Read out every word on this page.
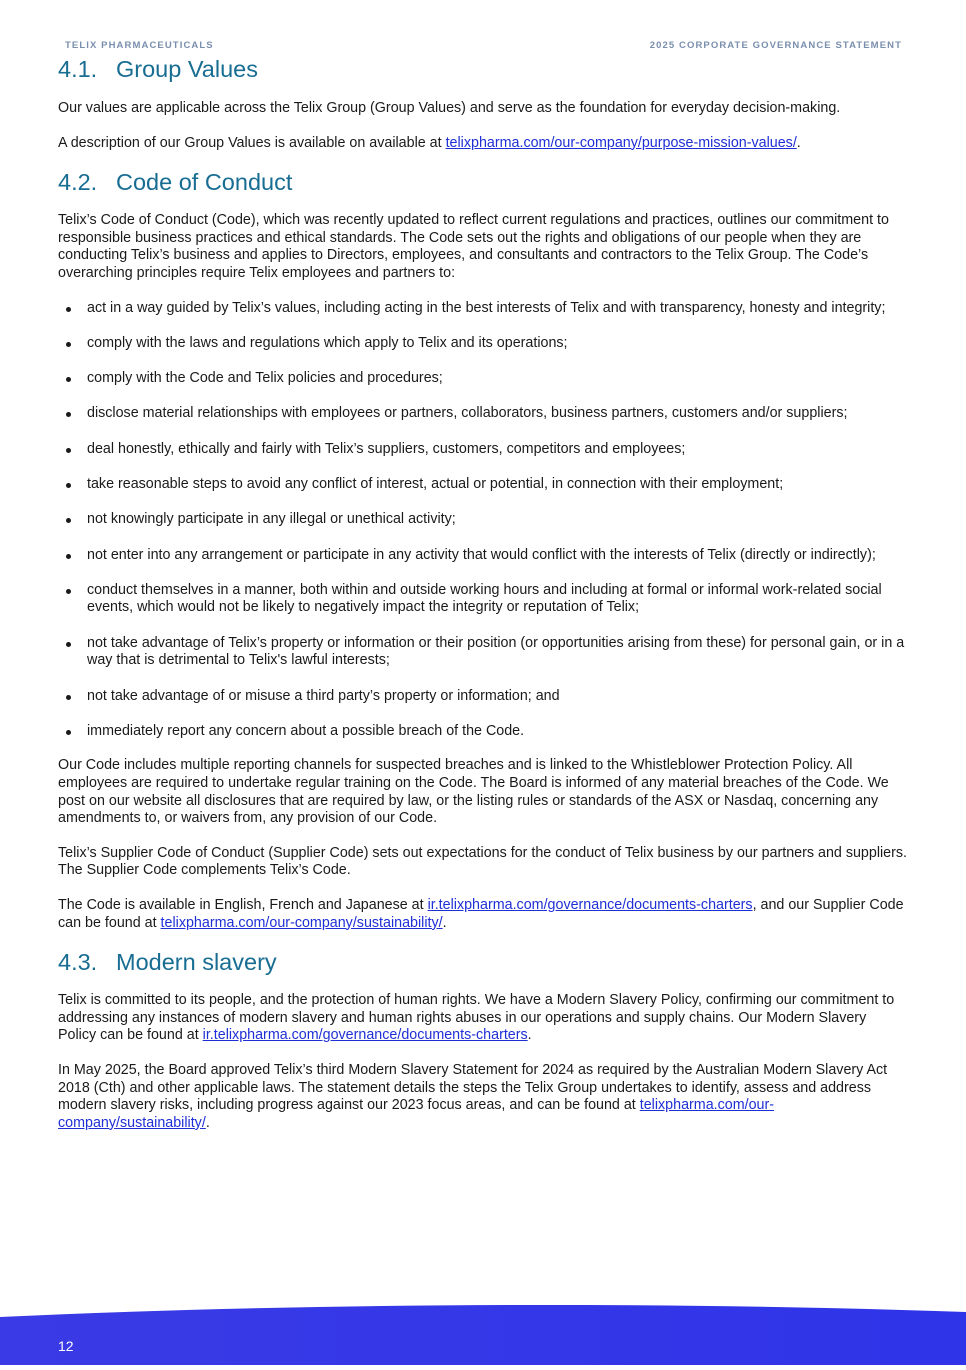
TELIX PHARMACEUTICALS	2025 CORPORATE GOVERNANCE STATEMENT
4.1. Group Values

Our values are applicable across the Telix Group (Group Values) and serve as the foundation for everyday decision-making.

A description of our Group Values is available on available at telixpharma.com/our-company/purpose-mission-values/.

4.2. Code of Conduct

Telix’s Code of Conduct (Code), which was recently updated to reflect current regulations and practices, outlines our commitment to responsible business practices and ethical standards. The Code sets out the rights and obligations of our people when they are conducting Telix’s business and applies to Directors, employees, and consultants and contractors to the Telix Group. The Code’s overarching principles require Telix employees and partners to:

act in a way guided by Telix’s values, including acting in the best interests of Telix and with transparency, honesty and integrity;
comply with the laws and regulations which apply to Telix and its operations;
comply with the Code and Telix policies and procedures;
disclose material relationships with employees or partners, collaborators, business partners, customers and/or suppliers;
deal honestly, ethically and fairly with Telix’s suppliers, customers, competitors and employees;
take reasonable steps to avoid any conflict of interest, actual or potential, in connection with their employment;
not knowingly participate in any illegal or unethical activity;
not enter into any arrangement or participate in any activity that would conflict with the interests of Telix (directly or indirectly);
conduct themselves in a manner, both within and outside working hours and including at formal or informal work-related social events, which would not be likely to negatively impact the integrity or reputation of Telix;
not take advantage of Telix’s property or information or their position (or opportunities arising from these) for personal gain, or in a way that is detrimental to Telix's lawful interests;
not take advantage of or misuse a third party’s property or information; and
immediately report any concern about a possible breach of the Code.

Our Code includes multiple reporting channels for suspected breaches and is linked to the Whistleblower Protection Policy. All employees are required to undertake regular training on the Code. The Board is informed of any material breaches of the Code. We post on our website all disclosures that are required by law, or the listing rules or standards of the ASX or Nasdaq, concerning any amendments to, or waivers from, any provision of our Code.

Telix’s Supplier Code of Conduct (Supplier Code) sets out expectations for the conduct of Telix business by our partners and suppliers. The Supplier Code complements Telix’s Code.

The Code is available in English, French and Japanese at ir.telixpharma.com/governance/documents-charters, and our Supplier Code can be found at telixpharma.com/our-company/sustainability/.

4.3. Modern slavery

Telix is committed to its people, and the protection of human rights. We have a Modern Slavery Policy, confirming our commitment to addressing any instances of modern slavery and human rights abuses in our operations and supply chains. Our Modern Slavery Policy can be found at ir.telixpharma.com/governance/documents-charters.

In May 2025, the Board approved Telix’s third Modern Slavery Statement for 2024 as required by the Australian Modern Slavery Act 2018 (Cth) and other applicable laws. The statement details the steps the Telix Group undertakes to identify, assess and address modern slavery risks, including progress against our 2023 focus areas, and can be found at telixpharma.com/our-company/sustainability/.

12
